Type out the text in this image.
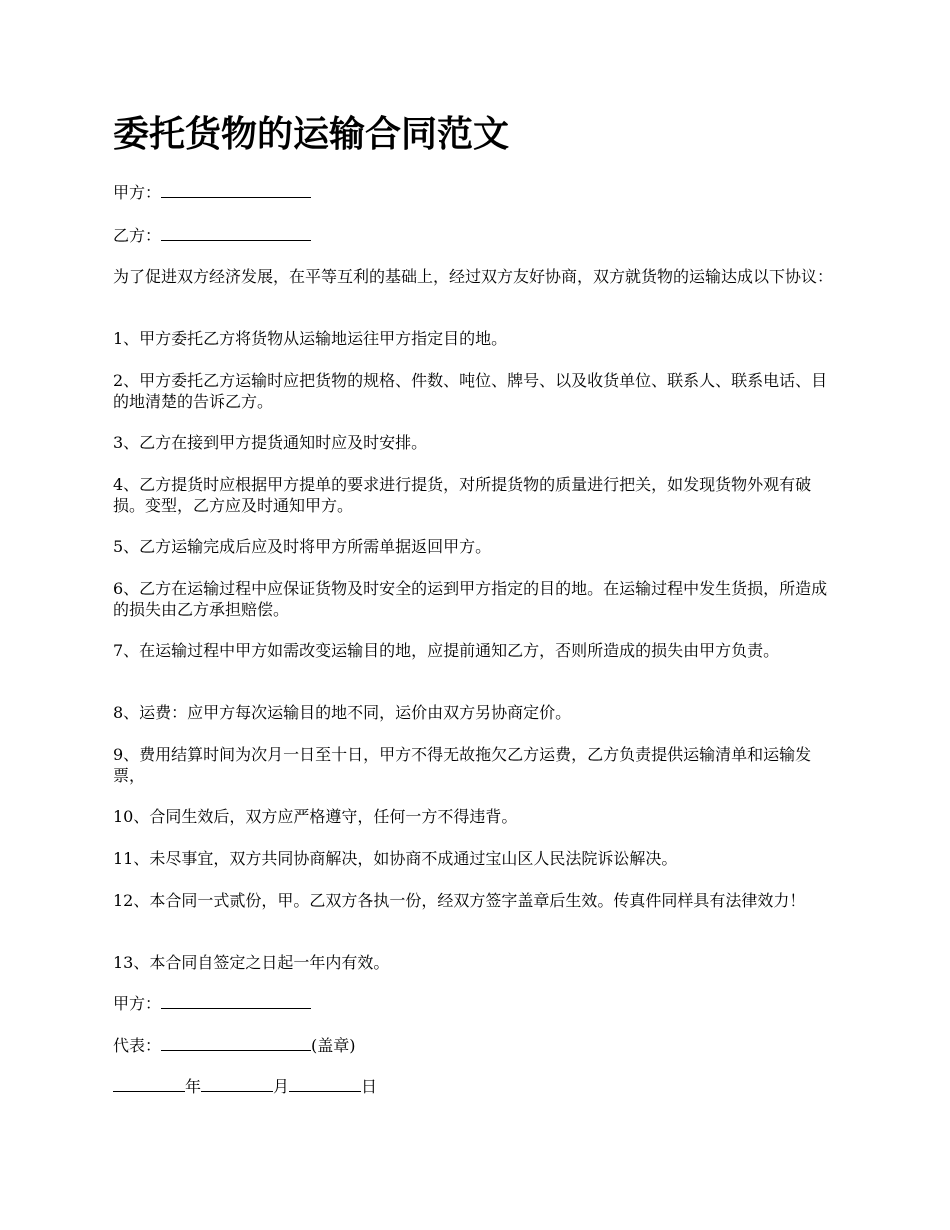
委托货物的运输合同范文

甲方：

乙方：

为了促进双方经济发展，在平等互利的基础上，经过双方友好协商，双方就货物的运输达成以下协议：

1、甲方委托乙方将货物从运输地运往甲方指定目的地。

2、甲方委托乙方运输时应把货物的规格、件数、吨位、牌号、以及收货单位、联系人、联系电话、目的地清楚的告诉乙方。

3、乙方在接到甲方提货通知时应及时安排。

4、乙方提货时应根据甲方提单的要求进行提货，对所提货物的质量进行把关，如发现货物外观有破损。变型，乙方应及时通知甲方。

5、乙方运输完成后应及时将甲方所需单据返回甲方。

6、乙方在运输过程中应保证货物及时安全的运到甲方指定的目的地。在运输过程中发生货损，所造成的损失由乙方承担赔偿。

7、在运输过程中甲方如需改变运输目的地，应提前通知乙方，否则所造成的损失由甲方负责。

8、运费：应甲方每次运输目的地不同，运价由双方另协商定价。

9、费用结算时间为次月一日至十日，甲方不得无故拖欠乙方运费，乙方负责提供运输清单和运输发票，

10、合同生效后，双方应严格遵守，任何一方不得违背。

11、未尽事宜，双方共同协商解决，如协商不成通过宝山区人民法院诉讼解决。

12、本合同一式贰份，甲。乙双方各执一份，经双方签字盖章后生效。传真件同样具有法律效力！

13、本合同自签定之日起一年内有效。

甲方：

代表：	(盖章)

年	月	日
